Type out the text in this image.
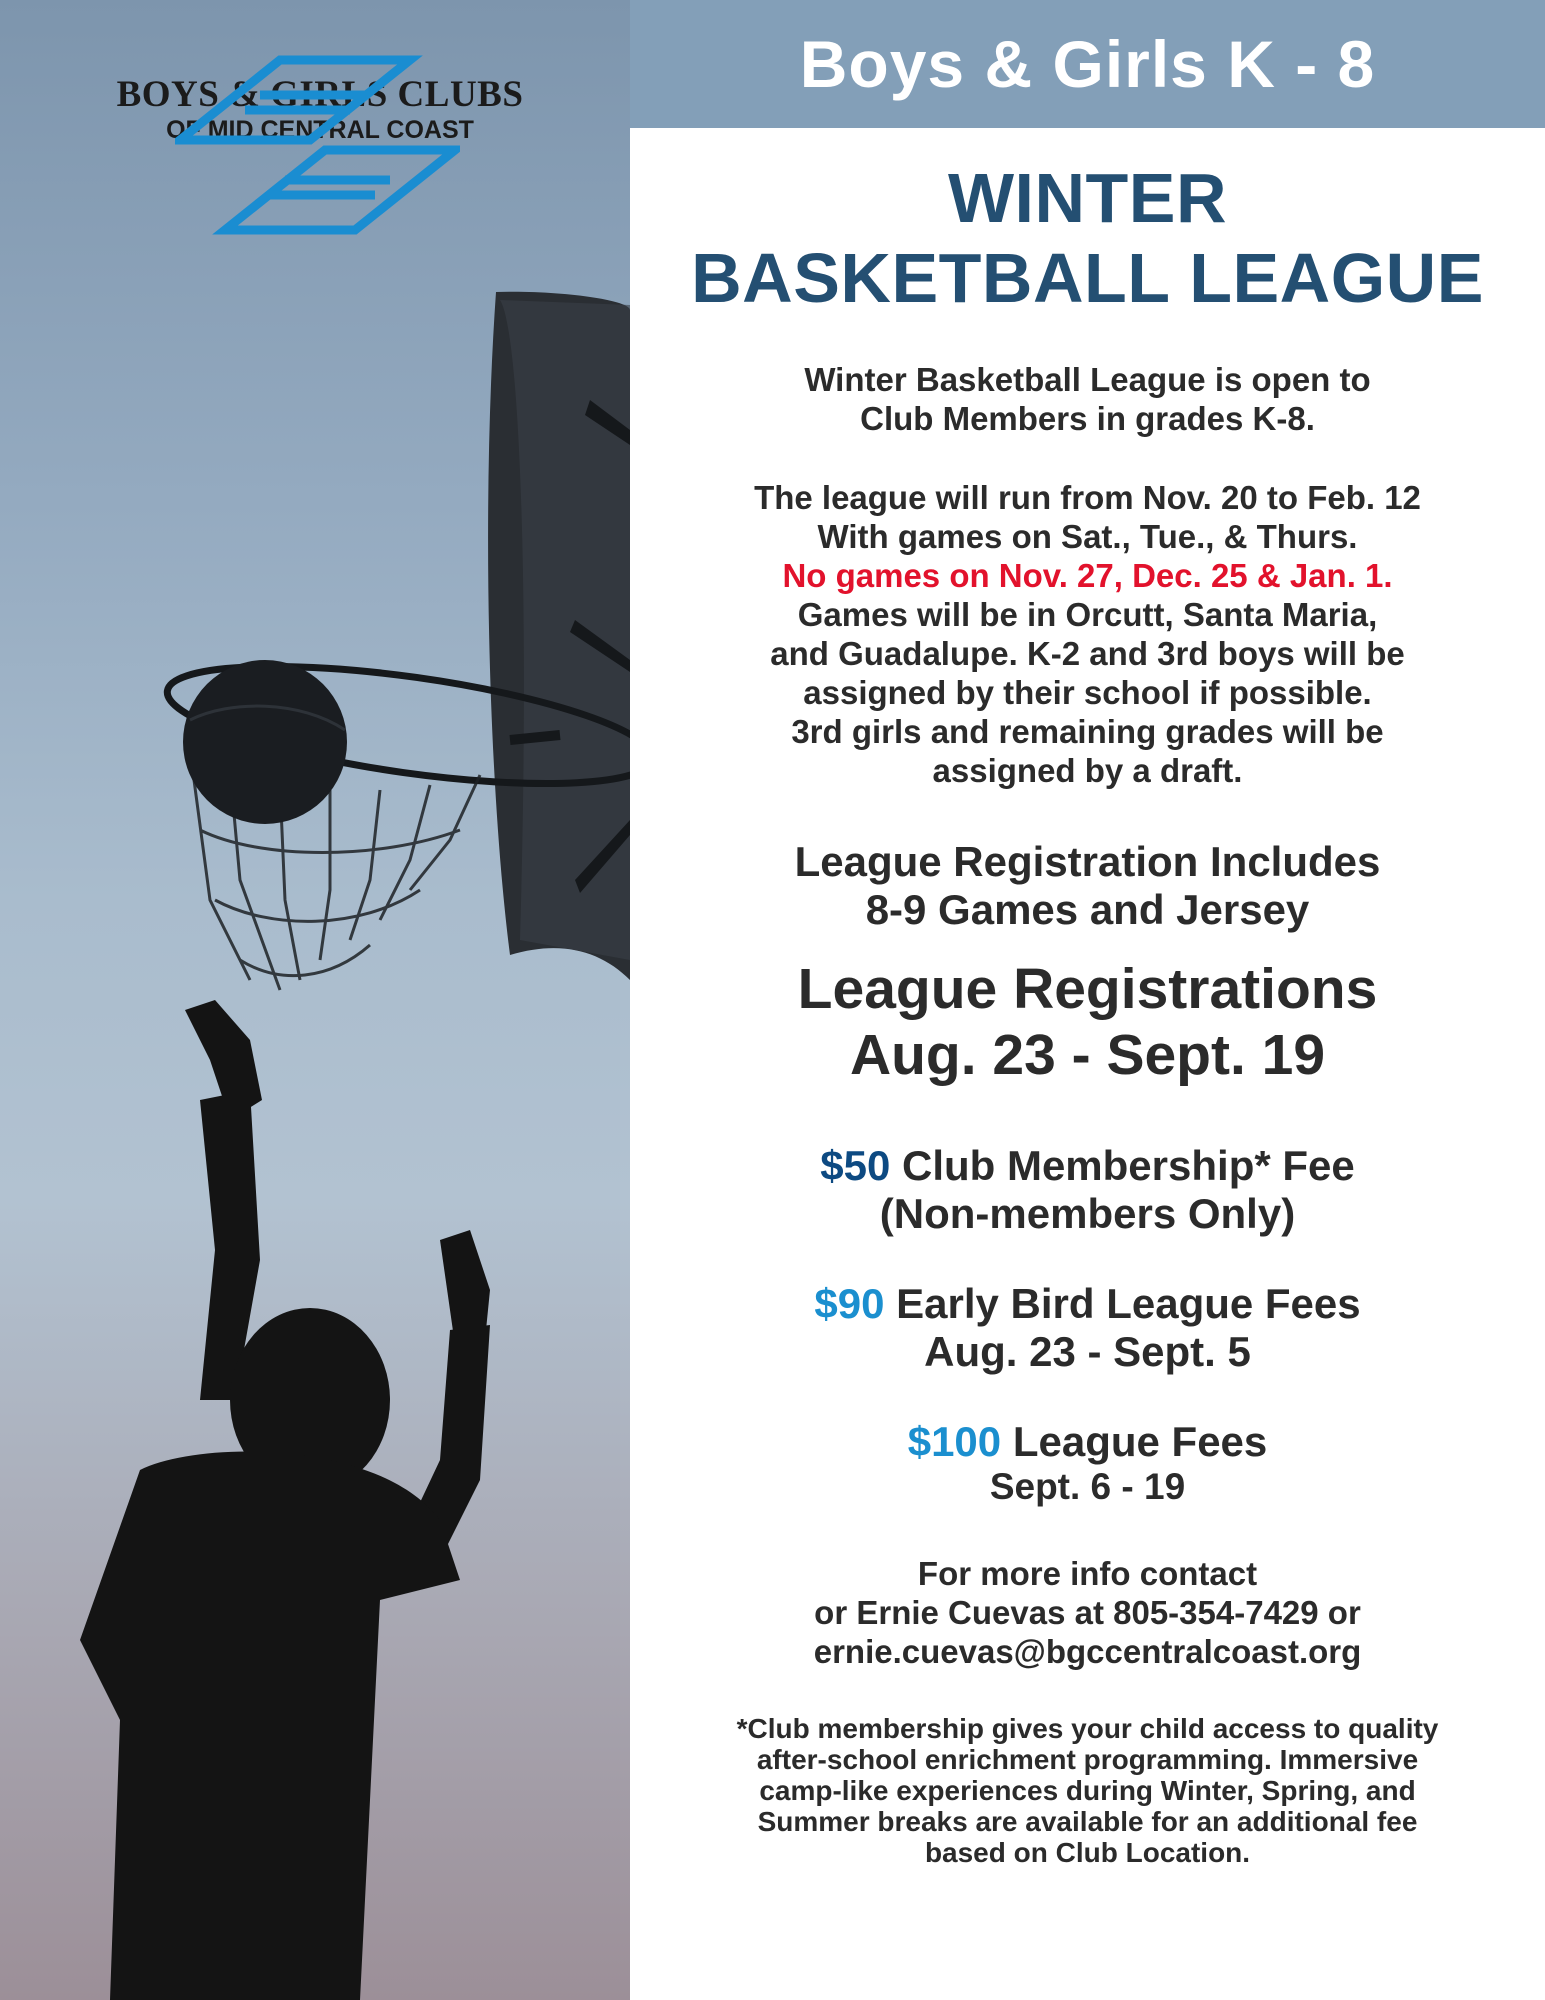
BOYS & GIRLS CLUBS
OF MID CENTRAL COAST
Boys & Girls K - 8
WINTER
BASKETBALL LEAGUE
Winter Basketball League is open to
Club Members in grades K-8.
The league will run from Nov. 20 to Feb. 12
With games on Sat., Tue., & Thurs.
No games on Nov. 27, Dec. 25 & Jan. 1.
Games will be in Orcutt, Santa Maria,
and Guadalupe. K-2 and 3rd boys will be
assigned by their school if possible.
3rd girls and remaining grades will be
assigned by a draft.
League Registration Includes
8-9 Games and Jersey
League Registrations
Aug. 23 - Sept. 19
$50 Club Membership* Fee
(Non-members Only)
$90 Early Bird League Fees
Aug. 23 - Sept. 5
$100 League Fees
Sept. 6 - 19
For more info contact
or Ernie Cuevas at 805-354-7429 or
ernie.cuevas@bgccentralcoast.org
*Club membership gives your child access to quality
after-school enrichment programming. Immersive
camp-like experiences during Winter, Spring, and
Summer breaks are available for an additional fee
based on Club Location.
